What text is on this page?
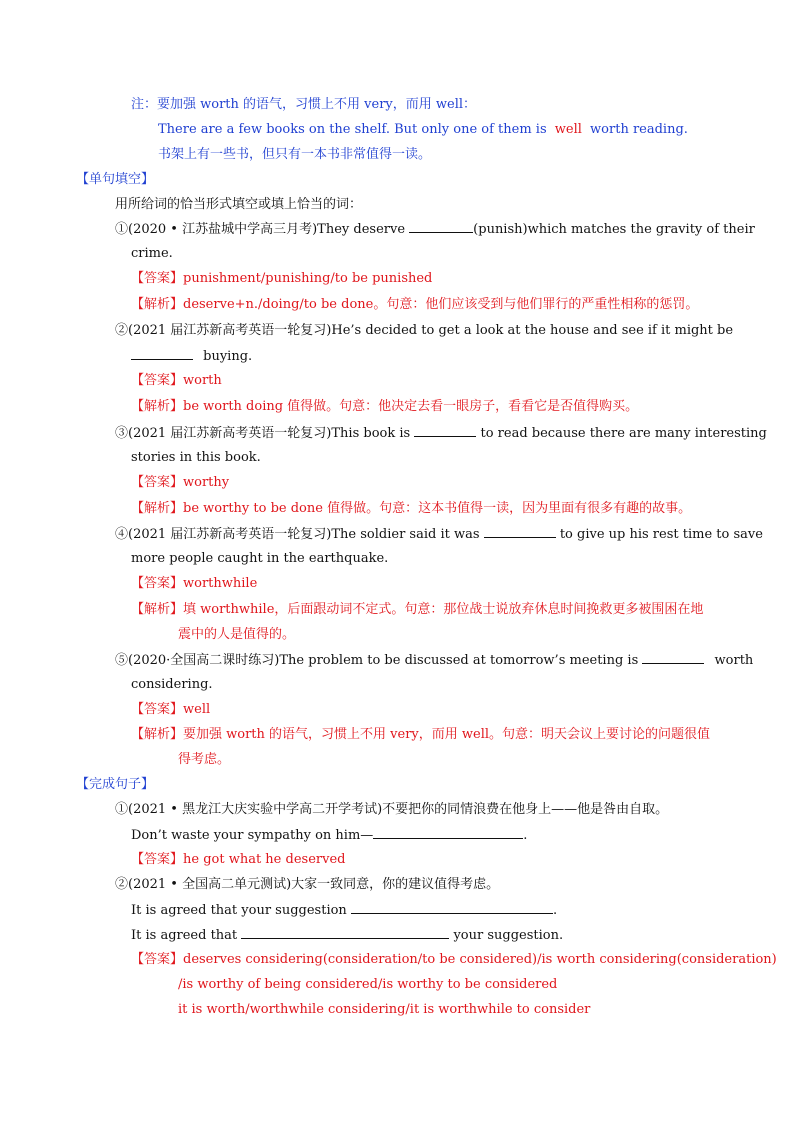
注：要加强 worth 的语气，习惯上不用 very，而用 well：
There are a few books on the shelf. But only one of them is well worth reading.
书架上有一些书，但只有一本书非常值得一读。
【单句填空】
用所给词的恰当形式填空或填上恰当的词：
①(2020 • 江苏盐城中学高三月考)They deserve	(punish)which matches the gravity of their
crime.
【答案】punishment/punishing/to be punished
【解析】deserve+n./doing/to be done。句意：他们应该受到与他们罪行的严重性相称的惩罚。
②(2021 届江苏新高考英语一轮复习)He’s decided to get a look at the house and see if it might be
buying.
【答案】worth
【解析】be worth doing 值得做。句意：他决定去看一眼房子，看看它是否值得购买。
③(2021 届江苏新高考英语一轮复习)This book is	to read because there are many interesting
stories in this book.
【答案】worthy
【解析】be worthy to be done 值得做。句意：这本书值得一读，因为里面有很多有趣的故事。
④(2021 届江苏新高考英语一轮复习)The soldier said it was	to give up his rest time to save
more people caught in the earthquake.
【答案】worthwhile
【解析】填 worthwhile，后面跟动词不定式。句意：那位战士说放弃休息时间挽救更多被围困在地
震中的人是值得的。
⑤(2020·全国高二课时练习)The problem to be discussed at tomorrow’s meeting is	worth
considering.
【答案】well
【解析】要加强 worth 的语气，习惯上不用 very，而用 well。句意：明天会议上要讨论的问题很值
得考虑。
【完成句子】
①(2021 • 黑龙江大庆实验中学高二开学考试)不要把你的同情浪费在他身上——他是咎由自取。
Don’t waste your sympathy on him—	.
【答案】he got what he deserved
②(2021 • 全国高二单元测试)大家一致同意，你的建议值得考虑。
It is agreed that your suggestion	.
It is agreed that	your suggestion.
【答案】deserves considering(consideration/to be considered)/is worth considering(consideration)
/is worthy of being considered/is worthy to be considered
it is worth/worthwhile considering/it is worthwhile to consider
